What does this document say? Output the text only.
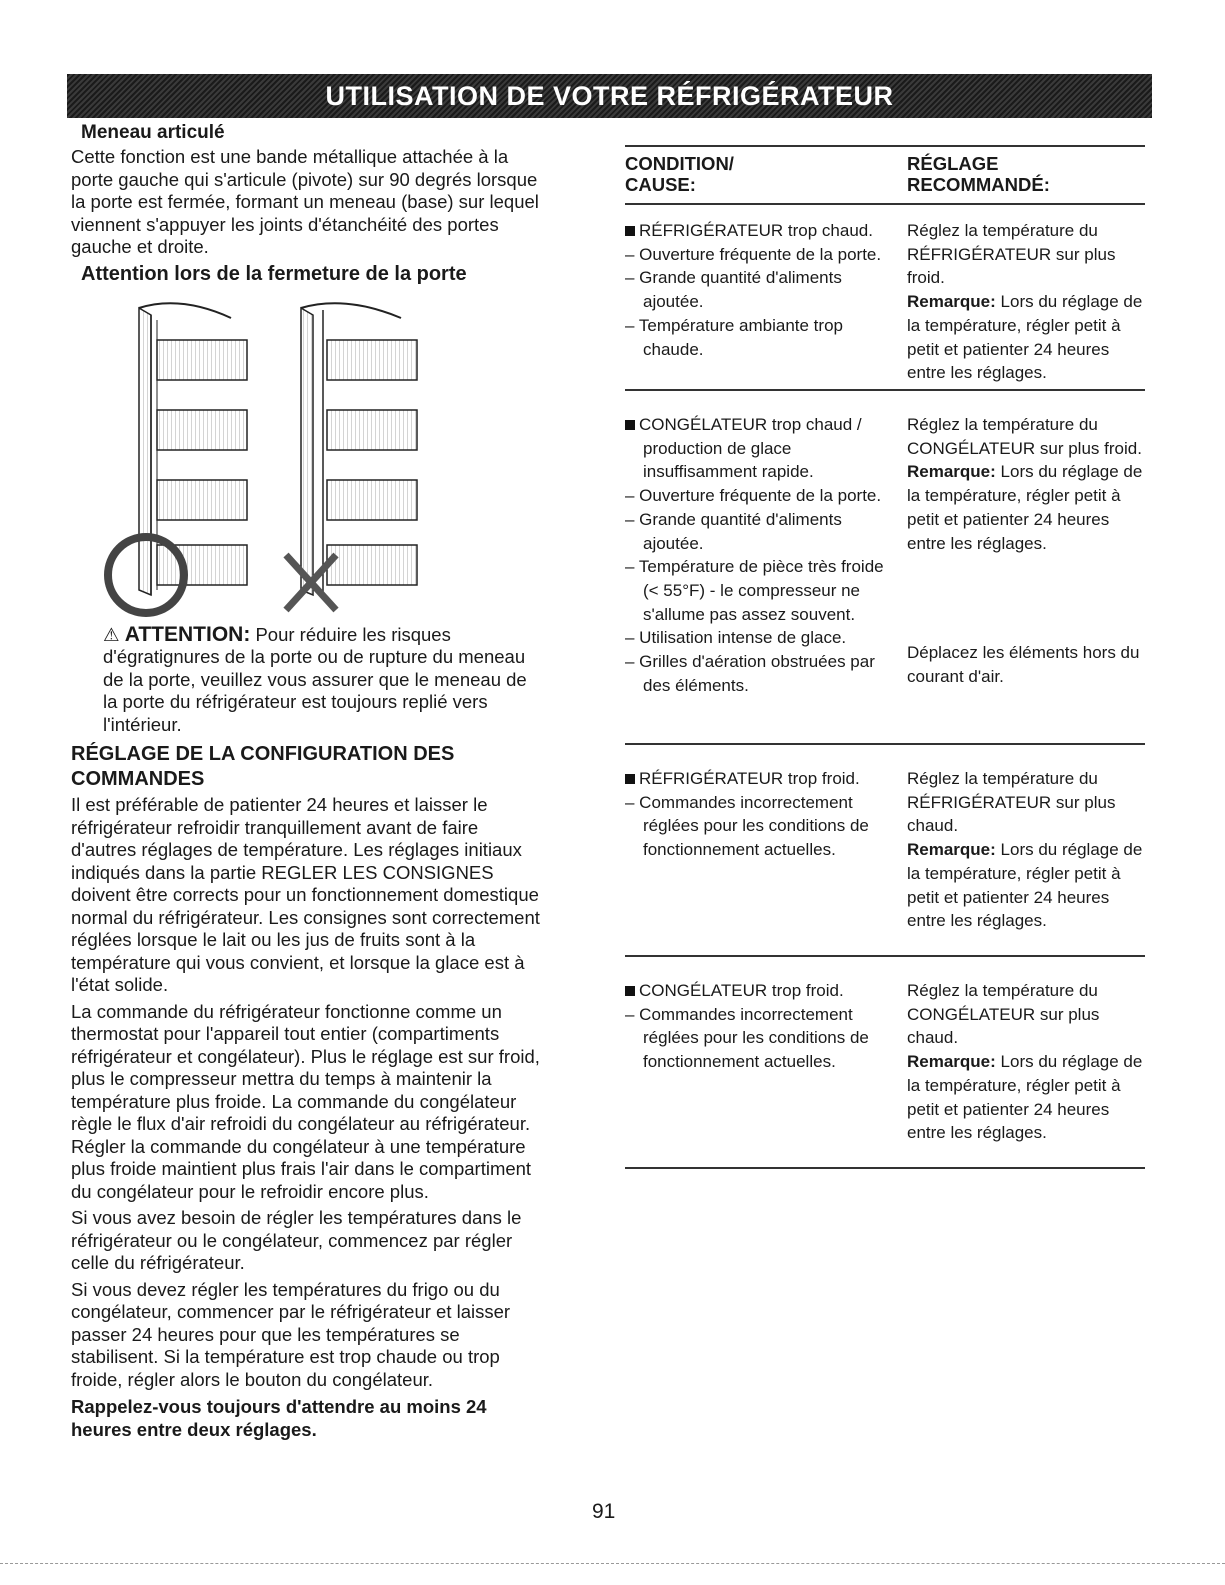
UTILISATION DE VOTRE RÉFRIGÉRATEUR
Meneau articulé

Cette fonction est une bande métallique attachée à la porte gauche qui s'articule (pivote) sur 90 degrés lorsque la porte est fermée, formant un meneau (base) sur lequel viennent s'appuyer les joints d'étanchéité des portes gauche et droite.

Attention lors de la fermeture de la porte
⚠ ATTENTION: Pour réduire les risques d'égratignures de la porte ou de rupture du meneau de la porte, veuillez vous assurer que le meneau de la porte du réfrigérateur est toujours replié vers l'intérieur.
RÉGLAGE DE LA CONFIGURATION DES COMMANDES

Il est préférable de patienter 24 heures et laisser le réfrigérateur refroidir tranquillement avant de faire d'autres réglages de température. Les réglages initiaux indiqués dans la partie REGLER LES CONSIGNES doivent être corrects pour un fonctionnement domestique normal du réfrigérateur. Les consignes sont correctement réglées lorsque le lait ou les jus de fruits sont à la température qui vous convient, et lorsque la glace est à l'état solide.

La commande du réfrigérateur fonctionne comme un thermostat pour l'appareil tout entier (compartiments réfrigérateur et congélateur). Plus le réglage est sur froid, plus le compresseur mettra du temps à maintenir la température plus froide. La commande du congélateur règle le flux d'air refroidi du congélateur au réfrigérateur. Régler la commande du congélateur à une température plus froide maintient plus frais l'air dans le compartiment du congélateur pour le refroidir encore plus.

Si vous avez besoin de régler les températures dans le réfrigérateur ou le congélateur, commencez par régler celle du réfrigérateur.

Si vous devez régler les températures du frigo ou du congélateur, commencer par le réfrigérateur et laisser passer 24 heures pour que les températures se stabilisent. Si la température est trop chaude ou trop froide, régler alors le bouton du congélateur.

Rappelez-vous toujours d'attendre au moins 24 heures entre deux réglages.

CONDITION/
CAUSE:
RÉGLAGE
RECOMMANDÉ:
RÉFRIGÉRATEUR trop chaud.
– Ouverture fréquente de la porte.
– Grande quantité d'aliments ajoutée.
– Température ambiante trop chaude.
Réglez la température du RÉFRIGÉRATEUR sur plus froid.
Remarque: Lors du réglage de la température, régler petit à petit et patienter 24 heures entre les réglages.
CONGÉLATEUR trop chaud / production de glace insuffisamment rapide.
– Ouverture fréquente de la porte.
– Grande quantité d'aliments ajoutée.
– Température de pièce très froide (< 55°F) - le compresseur ne s'allume pas assez souvent.
– Utilisation intense de glace.
– Grilles d'aération obstruées par des éléments.
Réglez la température du CONGÉLATEUR sur plus froid.
Remarque: Lors du réglage de la température, régler petit à petit et patienter 24 heures entre les réglages.
Déplacez les éléments hors du courant d'air.
RÉFRIGÉRATEUR trop froid.
– Commandes incorrectement réglées pour les conditions de fonctionnement actuelles.
Réglez la température du RÉFRIGÉRATEUR sur plus chaud.
Remarque: Lors du réglage de la température, régler petit à petit et patienter 24 heures entre les réglages.
CONGÉLATEUR trop froid.
– Commandes incorrectement réglées pour les conditions de fonctionnement actuelles.
Réglez la température du CONGÉLATEUR sur plus chaud.
Remarque: Lors du réglage de la température, régler petit à petit et patienter 24 heures entre les réglages.
91
